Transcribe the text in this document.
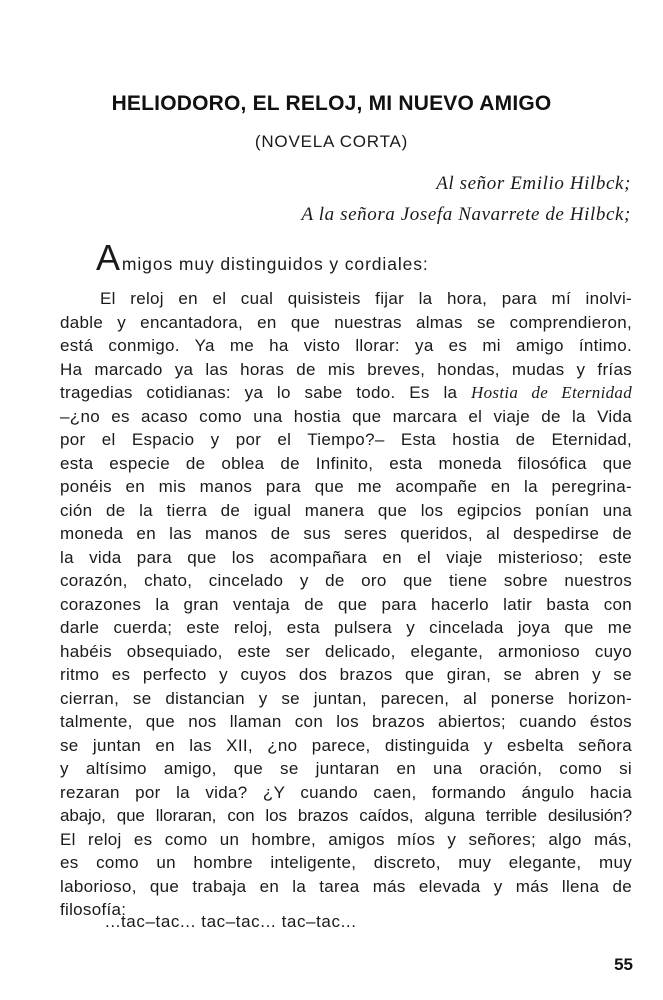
HELIODORO, EL RELOJ, MI NUEVO AMIGO
(NOVELA CORTA)
Al señor Emilio Hilbck;
A la señora Josefa Navarrete de Hilbck;
Amigos muy distinguidos y cordiales:
El reloj en el cual quisisteis fijar la hora, para mí inolvi-
dable y encantadora, en que nuestras almas se comprendieron,
está conmigo. Ya me ha visto llorar: ya es mi amigo íntimo.
Ha marcado ya las horas de mis breves, hondas, mudas y frías
tragedias cotidianas: ya lo sabe todo. Es la Hostia de Eternidad
–¿no es acaso como una hostia que marcara el viaje de la Vida
por el Espacio y por el Tiempo?– Esta hostia de Eternidad,
esta especie de oblea de Infinito, esta moneda filosófica que
ponéis en mis manos para que me acompañe en la peregrina-
ción de la tierra de igual manera que los egipcios ponían una
moneda en las manos de sus seres queridos, al despedirse de
la vida para que los acompañara en el viaje misterioso; este
corazón, chato, cincelado y de oro que tiene sobre nuestros
corazones la gran ventaja de que para hacerlo latir basta con
darle cuerda; este reloj, esta pulsera y cincelada joya que me
habéis obsequiado, este ser delicado, elegante, armonioso cuyo
ritmo es perfecto y cuyos dos brazos que giran, se abren y se
cierran, se distancian y se juntan, parecen, al ponerse horizon-
talmente, que nos llaman con los brazos abiertos; cuando éstos
se juntan en las XII, ¿no parece, distinguida y esbelta señora
y altísimo amigo, que se juntaran en una oración, como si
rezaran por la vida? ¿Y cuando caen, formando ángulo hacia
abajo, que lloraran, con los brazos caídos, alguna terrible desilusión?
El reloj es como un hombre, amigos míos y señores; algo más,
es como un hombre inteligente, discreto, muy elegante, muy
laborioso, que trabaja en la tarea más elevada y más llena de
filosofía:
...tac–tac... tac–tac... tac–tac...
55
